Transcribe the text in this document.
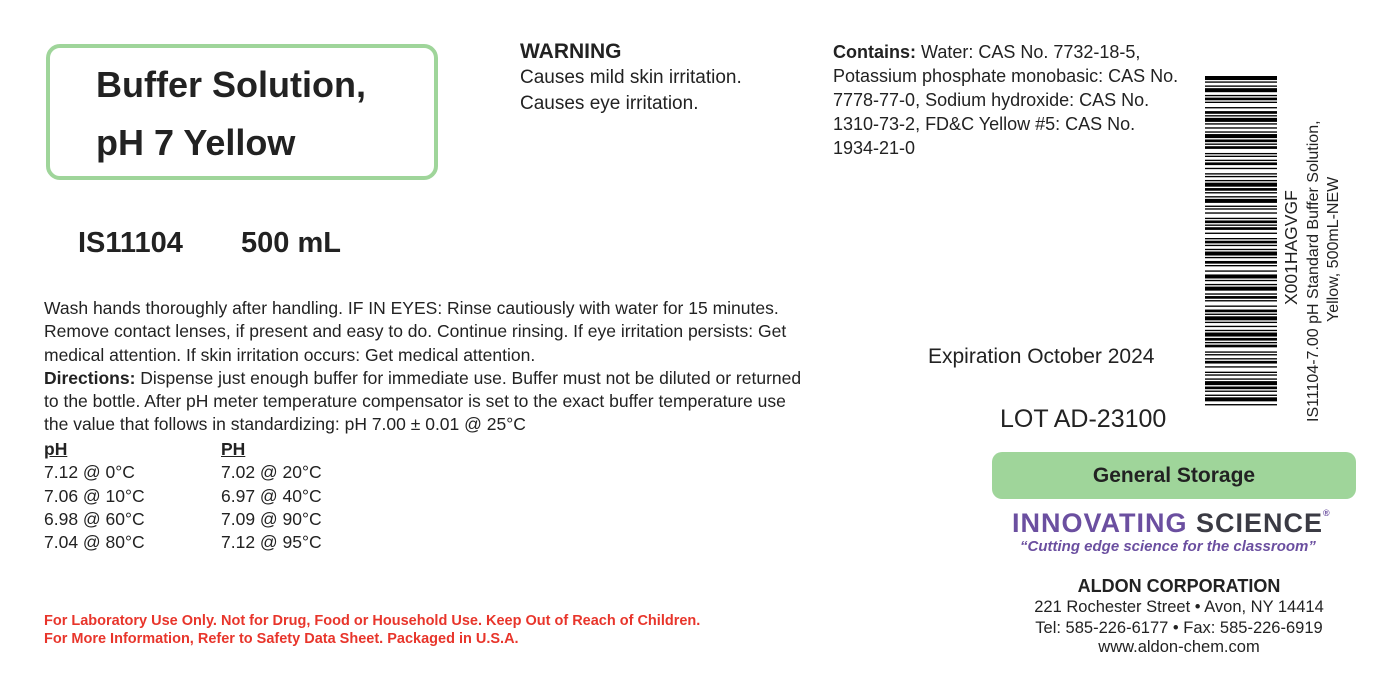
Buffer Solution,
pH 7 Yellow
IS11104 500 mL
WARNING
Causes mild skin irritation.
Causes eye irritation.
Contains: Water: CAS No. 7732-18-5, Potassium phosphate monobasic: CAS No. 7778-77-0, Sodium hydroxide: CAS No. 1310-73-2, FD&C Yellow #5: CAS No. 1934-21-0
Wash hands thoroughly after handling. IF IN EYES: Rinse cautiously with water for 15 minutes. Remove contact lenses, if present and easy to do. Continue rinsing. If eye irritation persists: Get medical attention. If skin irritation occurs: Get medical attention.
Directions: Dispense just enough buffer for immediate use. Buffer must not be diluted or returned to the bottle. After pH meter temperature compensator is set to the exact buffer temperature use the value that follows in standardizing: pH 7.00 ± 0.01 @ 25°C
pH
7.12 @ 0°C
7.06 @ 10°C
6.98 @ 60°C
7.04 @ 80°C
PH
7.02 @ 20°C
6.97 @ 40°C
7.09 @ 90°C
7.12 @ 95°C
For Laboratory Use Only. Not for Drug, Food or Household Use. Keep Out of Reach of Children.
For More Information, Refer to Safety Data Sheet. Packaged in U.S.A.
Expiration October 2024
LOT AD-23100
General Storage
INNOVATING SCIENCE®
“Cutting edge science for the classroom”
ALDON CORPORATION
221 Rochester Street • Avon, NY 14414
Tel: 585-226-6177 • Fax: 585-226-6919
www.aldon-chem.com
X001HAGVGF IS11104-7.00 pH Standard Buffer Solution, Yellow, 500mL-NEW
